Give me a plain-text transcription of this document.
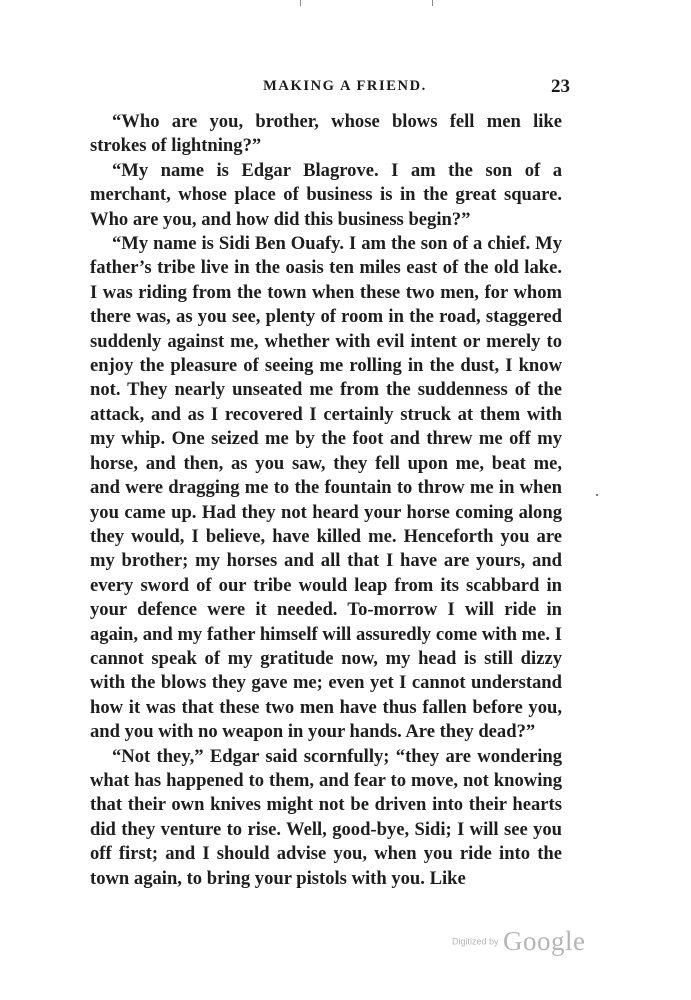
MAKING A FRIEND.	23

“Who are you, brother, whose blows fell men like strokes of lightning?”

“My name is Edgar Blagrove. I am the son of a merchant, whose place of business is in the great square. Who are you, and how did this business begin?”

“My name is Sidi Ben Ouafy. I am the son of a chief. My father’s tribe live in the oasis ten miles east of the old lake. I was riding from the town when these two men, for whom there was, as you see, plenty of room in the road, staggered suddenly against me, whether with evil intent or merely to enjoy the pleasure of seeing me rolling in the dust, I know not. They nearly unseated me from the suddenness of the attack, and as I recovered I certainly struck at them with my whip. One seized me by the foot and threw me off my horse, and then, as you saw, they fell upon me, beat me, and were dragging me to the fountain to throw me in when you came up. Had they not heard your horse coming along they would, I believe, have killed me. Henceforth you are my brother; my horses and all that I have are yours, and every sword of our tribe would leap from its scabbard in your defence were it needed. To-morrow I will ride in again, and my father himself will assuredly come with me. I cannot speak of my gratitude now, my head is still dizzy with the blows they gave me; even yet I cannot understand how it was that these two men have thus fallen before you, and you with no weapon in your hands. Are they dead?”

“Not they,” Edgar said scornfully; “they are wondering what has happened to them, and fear to move, not knowing that their own knives might not be driven into their hearts did they venture to rise. Well, good-bye, Sidi; I will see you off first; and I should advise you, when you ride into the town again, to bring your pistols with you. Like

Digitized by Google
